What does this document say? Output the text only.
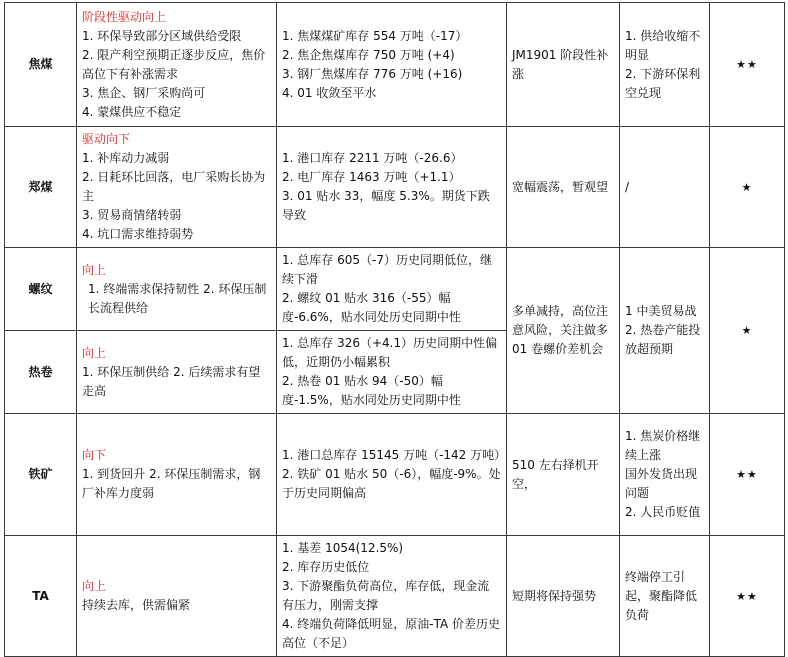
焦煤	阶段性驱动向上
1. 环保导致部分区域供给受限
2. 限产利空预期正逐步反应，焦价高位下有补涨需求
3. 焦企、钢厂采购尚可
4. 蒙煤供应不稳定	1. 焦煤煤矿库存 554 万吨（-17）
2. 焦企焦煤库存 750 万吨 (+4)
3. 钢厂焦煤库存 776 万吨 (+16)
4. 01 收敛至平水	JM1901 阶段性补涨	1. 供给收缩不明显
2. 下游环保利空兑现	★★
郑煤	驱动向下
1. 补库动力减弱
2. 日耗环比回落，电厂采购长协为主
3. 贸易商情绪转弱
4. 坑口需求维持弱势	1. 港口库存 2211 万吨（-26.6）
2. 电厂库存 1463 万吨（+1.1）
3. 01 贴水 33，幅度 5.3%。期货下跌导致	宽幅震荡，暂观望	/	★
螺纹	向上
1. 终端需求保持韧性 2. 环保压制长流程供给	1. 总库存 605（-7）历史同期低位，继续下滑
2. 螺纹 01 贴水 316（-55）幅度-6.6%，贴水同处历史同期中性	多单减持，高位注意风险，关注做多 01 卷螺价差机会	1 中美贸易战
2. 热卷产能投放超预期	★
热卷	向上
1. 环保压制供给 2. 后续需求有望走高	1. 总库存 326（+4.1）历史同期中性偏低，近期仍小幅累积
2. 热卷 01 贴水 94（-50）幅度-1.5%，贴水同处历史同期中性			

铁矿	向下
1. 到货回升 2. 环保压制需求，钢厂补库力度弱	1. 港口总库存 15145 万吨（-142 万吨）
2. 铁矿 01 贴水 50（-6），幅度-9%。处于历史同期偏高	510 左右择机开空，	1. 焦炭价格继续上涨
国外发货出现问题
2. 人民币贬值	★★
TA	向上
持续去库，供需偏紧	1. 基差 1054(12.5%)
2. 库存历史低位
3. 下游聚酯负荷高位，库存低，现金流有压力，刚需支撑
4. 终端负荷降低明显，原油-TA 价差历史高位（不足）	短期将保持强势	终端停工引起，聚酯降低负荷	★★
